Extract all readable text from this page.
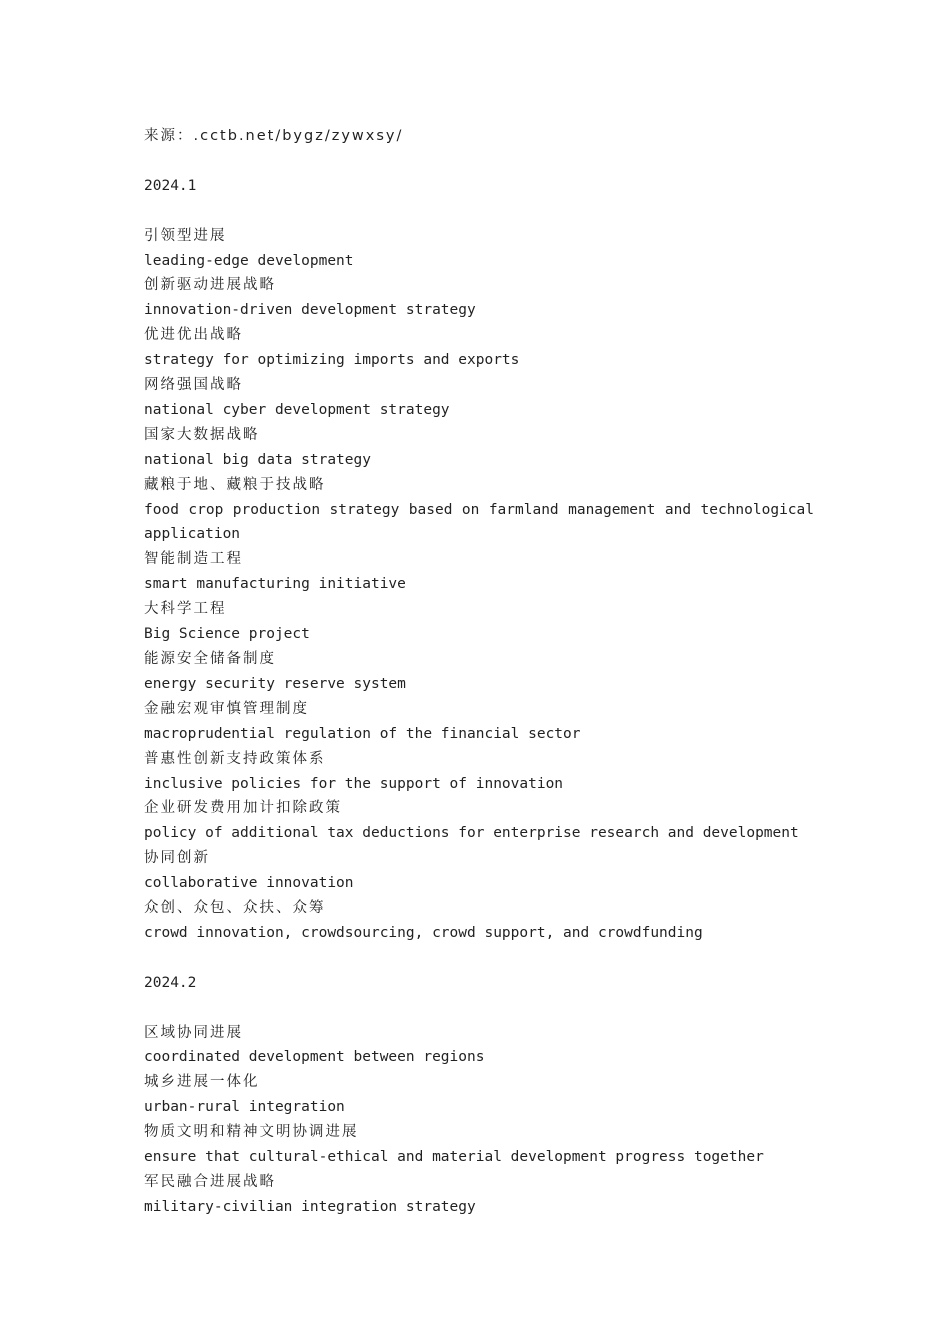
来源：.cctb.net/bygz/zywxsy/
2024.1
引领型进展
leading-edge development
创新驱动进展战略
innovation-driven development strategy
优进优出战略
strategy for optimizing imports and exports
网络强国战略
national cyber development strategy
国家大数据战略
national big data strategy
藏粮于地、藏粮于技战略
food crop production strategy based on farmland management and technological application
智能制造工程
smart manufacturing initiative
大科学工程
Big Science project
能源安全储备制度
energy security reserve system
金融宏观审慎管理制度
macroprudential regulation of the financial sector
普惠性创新支持政策体系
inclusive policies for the support of innovation
企业研发费用加计扣除政策
policy of additional tax deductions for enterprise research and development
协同创新
collaborative innovation
众创、众包、众扶、众筹
crowd innovation, crowdsourcing, crowd support, and crowdfunding
2024.2
区域协同进展
coordinated development between regions
城乡进展一体化
urban-rural integration
物质文明和精神文明协调进展
ensure that cultural-ethical and material development progress together
军民融合进展战略
military-civilian integration strategy
